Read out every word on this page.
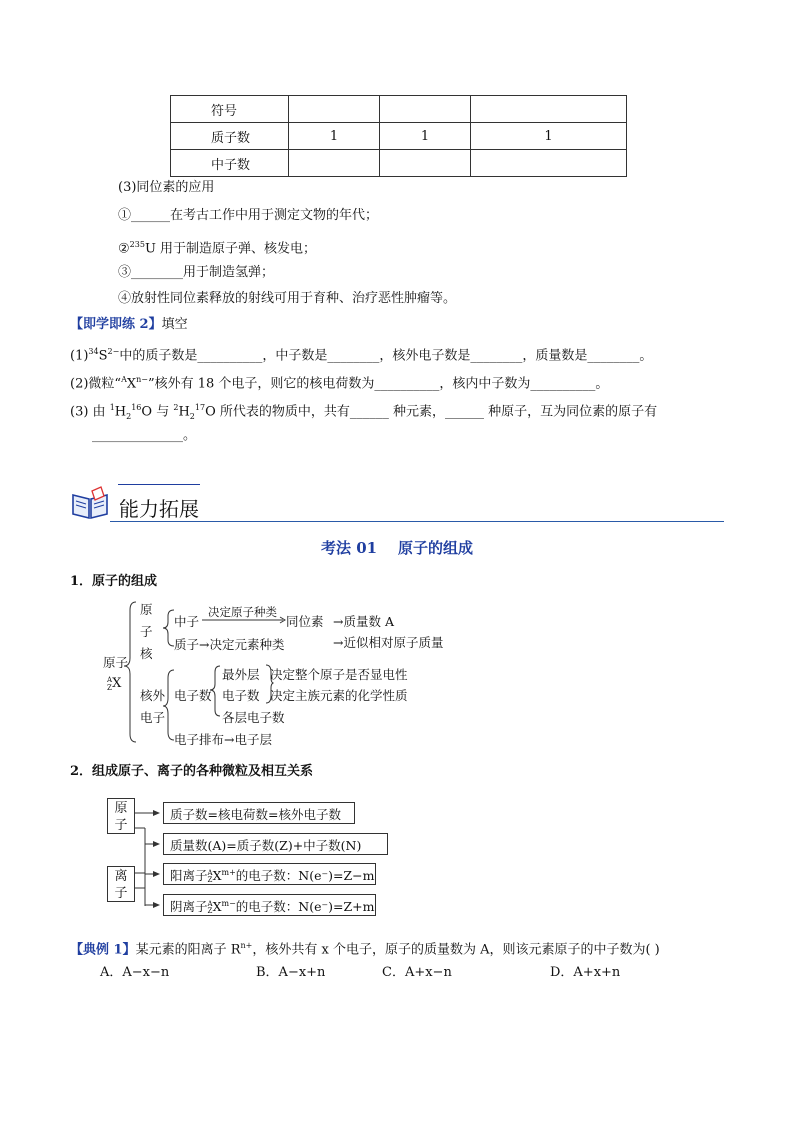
符号			
质子数	1	1	1
中子数			
(3)同位素的应用
①______在考古工作中用于测定文物的年代；
②$^{235}$U 用于制造原子弹、核发电；
③________用于制造氢弹；
④放射性同位素释放的射线可用于育种、治疗恶性肿瘤等。
【即学即练 2】填空
$(1)^{34}S^{2-}$中的质子数是__________，中子数是________，核外电子数是________，质量数是________。
(2)微粒“$^AX^{n-}$”核外有 18 个电子，则它的核电荷数为__________，核内中子数为__________。
(3) 由 $^1H_2^{16}O$ 与 $^2H_2^{17}O$ 所代表的物质中，共有______ 种元素，______ 种原子，互为同位素的原子有
______________。
能力拓展
考法 01    原子的组成
1．原子的组成
原子
A
ZX
原
子
核
中子
决定原子种类
同位素 →质量数 A
→近似相对原子质量
质子→决定元素种类
核外
电子
电子数
最外层
电子数
各层电子数
决定整个原子是否显电性
决定主族元素的化学性质
电子排布→电子层
2．组成原子、离子的各种微粒及相互关系
原
子
离
子
质子数=核电荷数=核外电子数
质量数(A)=质子数(Z)+中子数(N)
阳离子A
$ZX^{m+}$的电子数：N(e⁻)=Z−m
阴离子A
$ZX^{m-}$的电子数：N(e⁻)=Z+m
【典例 1】某元素的阳离子 $R^{n+}$，核外共有 x 个电子，原子的质量数为 A，则该元素原子的中子数为( )
A．A−x−n	B．A−x+n	C．A+x−n	D．A+x+n
